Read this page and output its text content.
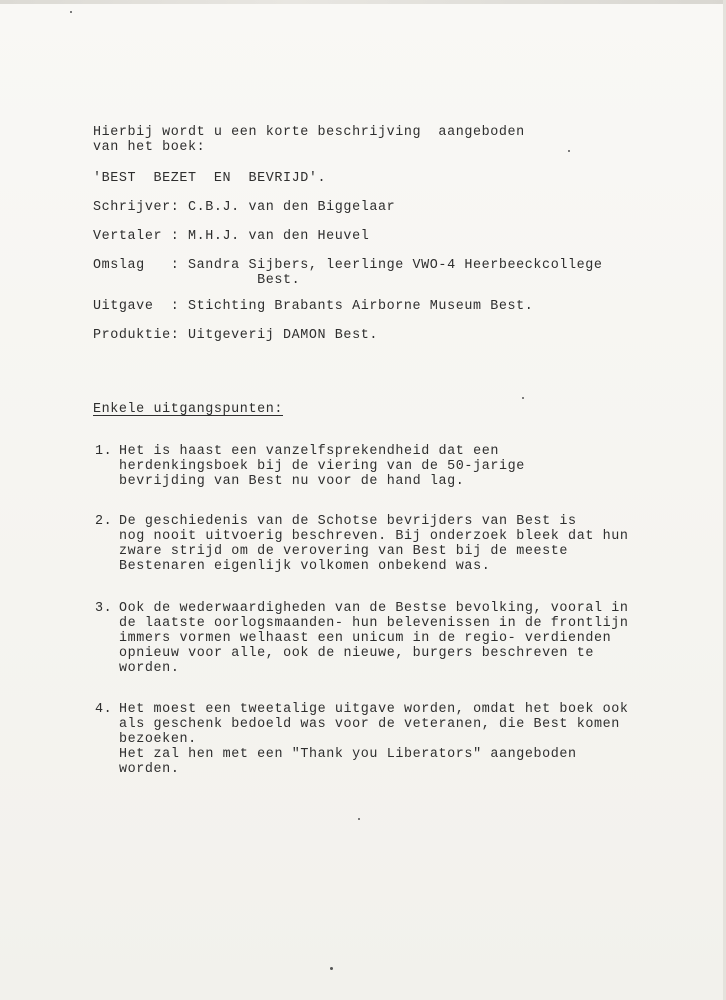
Hierbij wordt u een korte beschrijving  aangeboden
van het boek:
'BEST  BEZET  EN  BEVRIJD'.
Schrijver: C.B.J. van den Biggelaar
Vertaler : M.H.J. van den Heuvel
Omslag   : Sandra Sijbers, leerlinge VWO-4 Heerbeeckcollege
Best.
Uitgave  : Stichting Brabants Airborne Museum Best.
Produktie: Uitgeverij DAMON Best.
Enkele uitgangspunten:
1. Het is haast een vanzelfsprekendheid dat een
herdenkingsboek bij de viering van de 50-jarige
bevrijding van Best nu voor de hand lag.
2. De geschiedenis van de Schotse bevrijders van Best is
nog nooit uitvoerig beschreven. Bij onderzoek bleek dat hun
zware strijd om de verovering van Best bij de meeste
Bestenaren eigenlijk volkomen onbekend was.
3. Ook de wederwaardigheden van de Bestse bevolking, vooral in
de laatste oorlogsmaanden- hun belevenissen in de frontlijn
immers vormen welhaast een unicum in de regio- verdienden
opnieuw voor alle, ook de nieuwe, burgers beschreven te
worden.
4. Het moest een tweetalige uitgave worden, omdat het boek ook
als geschenk bedoeld was voor de veteranen, die Best komen
bezoeken.
Het zal hen met een "Thank you Liberators" aangeboden
worden.
